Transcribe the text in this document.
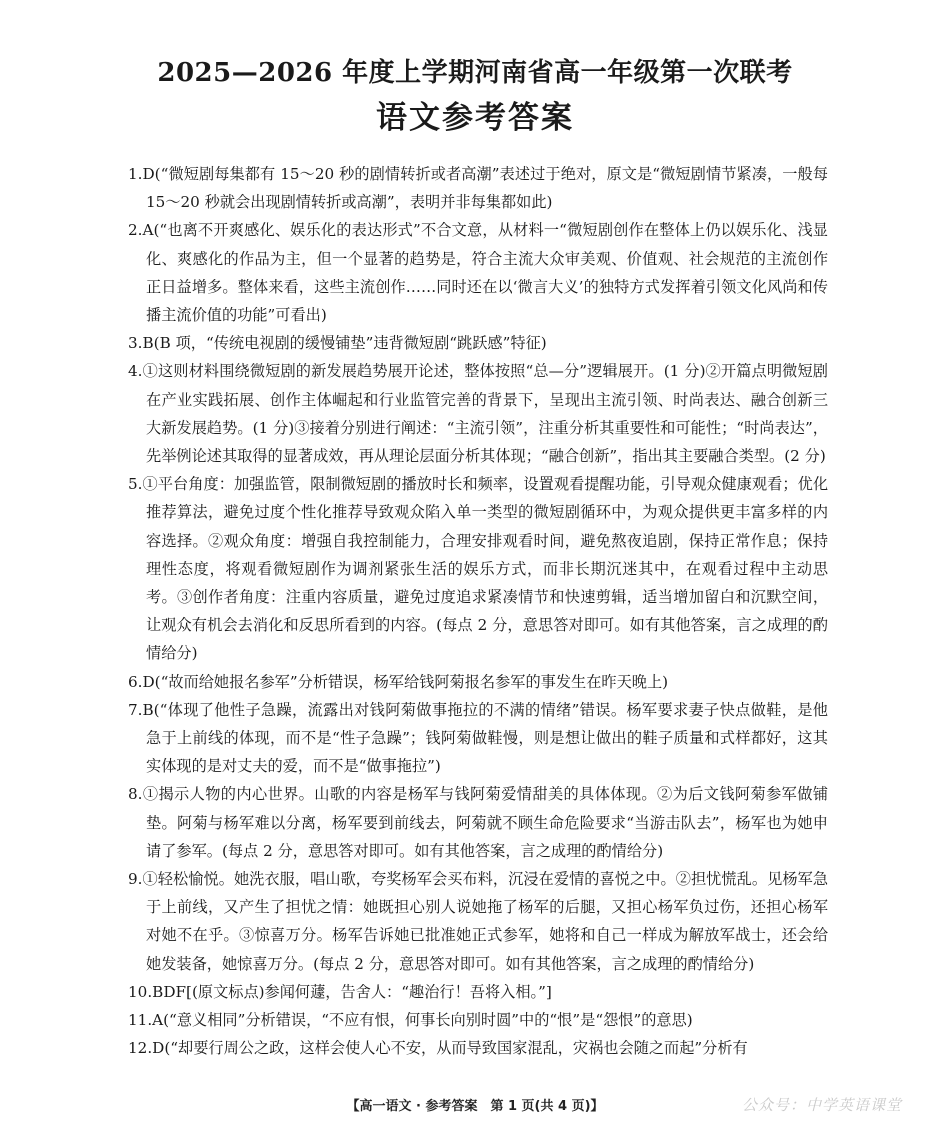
2025—2026 年度上学期河南省高一年级第一次联考
语文参考答案
1.D(“微短剧每集都有 15～20 秒的剧情转折或者高潮”表述过于绝对，原文是“微短剧情节紧凑，一般每 15～20 秒就会出现剧情转折或高潮”，表明并非每集都如此)
2.A(“也离不开爽感化、娱乐化的表达形式”不合文意，从材料一“微短剧创作在整体上仍以娱乐化、浅显化、爽感化的作品为主，但一个显著的趋势是，符合主流大众审美观、价值观、社会规范的主流创作正日益增多。整体来看，这些主流创作……同时还在以‘微言大义’的独特方式发挥着引领文化风尚和传播主流价值的功能”可看出)
3.B(B 项，“传统电视剧的缓慢铺垫”违背微短剧“跳跃感”特征)
4.①这则材料围绕微短剧的新发展趋势展开论述，整体按照“总—分”逻辑展开。(1 分)②开篇点明微短剧在产业实践拓展、创作主体崛起和行业监管完善的背景下，呈现出主流引领、时尚表达、融合创新三大新发展趋势。(1 分)③接着分别进行阐述：“主流引领”，注重分析其重要性和可能性；“时尚表达”，先举例论述其取得的显著成效，再从理论层面分析其体现；“融合创新”，指出其主要融合类型。(2 分)
5.①平台角度：加强监管，限制微短剧的播放时长和频率，设置观看提醒功能，引导观众健康观看；优化推荐算法，避免过度个性化推荐导致观众陷入单一类型的微短剧循环中，为观众提供更丰富多样的内容选择。②观众角度：增强自我控制能力，合理安排观看时间，避免熬夜追剧，保持正常作息；保持理性态度，将观看微短剧作为调剂紧张生活的娱乐方式，而非长期沉迷其中，在观看过程中主动思考。③创作者角度：注重内容质量，避免过度追求紧凑情节和快速剪辑，适当增加留白和沉默空间，让观众有机会去消化和反思所看到的内容。(每点 2 分，意思答对即可。如有其他答案，言之成理的酌情给分)
6.D(“故而给她报名参军”分析错误，杨军给钱阿菊报名参军的事发生在昨天晚上)
7.B(“体现了他性子急躁，流露出对钱阿菊做事拖拉的不满的情绪”错误。杨军要求妻子快点做鞋，是他急于上前线的体现，而不是“性子急躁”；钱阿菊做鞋慢，则是想让做出的鞋子质量和式样都好，这其实体现的是对丈夫的爱，而不是“做事拖拉”)
8.①揭示人物的内心世界。山歌的内容是杨军与钱阿菊爱情甜美的具体体现。②为后文钱阿菊参军做铺垫。阿菊与杨军难以分离，杨军要到前线去，阿菊就不顾生命危险要求“当游击队去”，杨军也为她申请了参军。(每点 2 分，意思答对即可。如有其他答案，言之成理的酌情给分)
9.①轻松愉悦。她洗衣服，唱山歌，夸奖杨军会买布料，沉浸在爱情的喜悦之中。②担忧慌乱。见杨军急于上前线，又产生了担忧之情：她既担心别人说她拖了杨军的后腿，又担心杨军负过伤，还担心杨军对她不在乎。③惊喜万分。杨军告诉她已批准她正式参军，她将和自己一样成为解放军战士，还会给她发装备，她惊喜万分。(每点 2 分，意思答对即可。如有其他答案，言之成理的酌情给分)
10.BDF[(原文标点)参闻何蘧，告舍人：“趣治行！吾将入相。”]
11.A(“意义相同”分析错误，“不应有恨，何事长向别时圆”中的“恨”是“怨恨”的意思)
12.D(“却要行周公之政，这样会使人心不安，从而导致国家混乱，灾祸也会随之而起”分析有
【高一语文 · 参考答案　第 1 页(共 4 页)】	公众号：中学英语课堂
